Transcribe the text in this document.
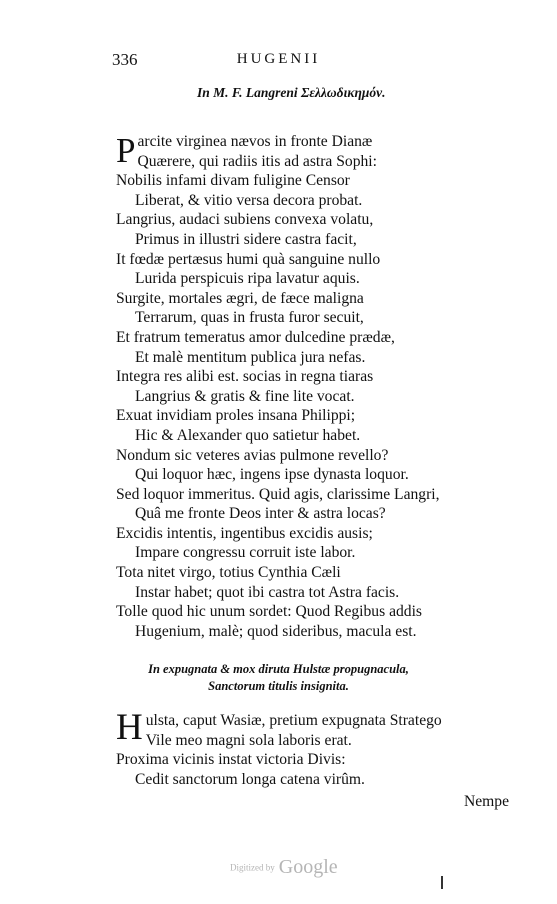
336	HUGENII
In M. F. Langreni Σελλωδικημόν.
Parcite virginea nævos in fronte Dianæ
Quærere, qui radiis itis ad astra Sophi:
Nobilis infami divam fuligine Censor
Liberat, & vitio versa decora probat.
Langrius, audaci subiens convexa volatu,
Primus in illustri sidere castra facit,
It fœdæ pertæsus humi quà sanguine nullo
Lurida perspicuis ripa lavatur aquis.
Surgite, mortales ægri, de fæce maligna
Terrarum, quas in frusta furor secuit,
Et fratrum temeratus amor dulcedine prædæ,
Et malè mentitum publica jura nefas.
Integra res alibi est. socias in regna tiaras
Langrius & gratis & fine lite vocat.
Exuat invidiam proles insana Philippi;
Hic & Alexander quo satietur habet.
Nondum sic veteres avias pulmone revello?
Qui loquor hæc, ingens ipse dynasta loquor.
Sed loquor immeritus. Quid agis, clarissime Langri,
Quâ me fronte Deos inter & astra locas?
Excidis intentis, ingentibus excidis ausis;
Impare congressu corruit iste labor.
Tota nitet virgo, totius Cynthia Cæli
Instar habet; quot ibi castra tot Astra facis.
Tolle quod hic unum sordet: Quod Regibus addis
Hugenium, malè; quod sideribus, macula est.
In expugnata & mox diruta Hulstæ propugnacula,
Sanctorum titulis insignita.
Hulsta, caput Wasiæ, pretium expugnata Stratego
Vile meo magni sola laboris erat.
Proxima vicinis instat victoria Divis:
Cedit sanctorum longa catena virûm.
Nempe
Digitized by Google
